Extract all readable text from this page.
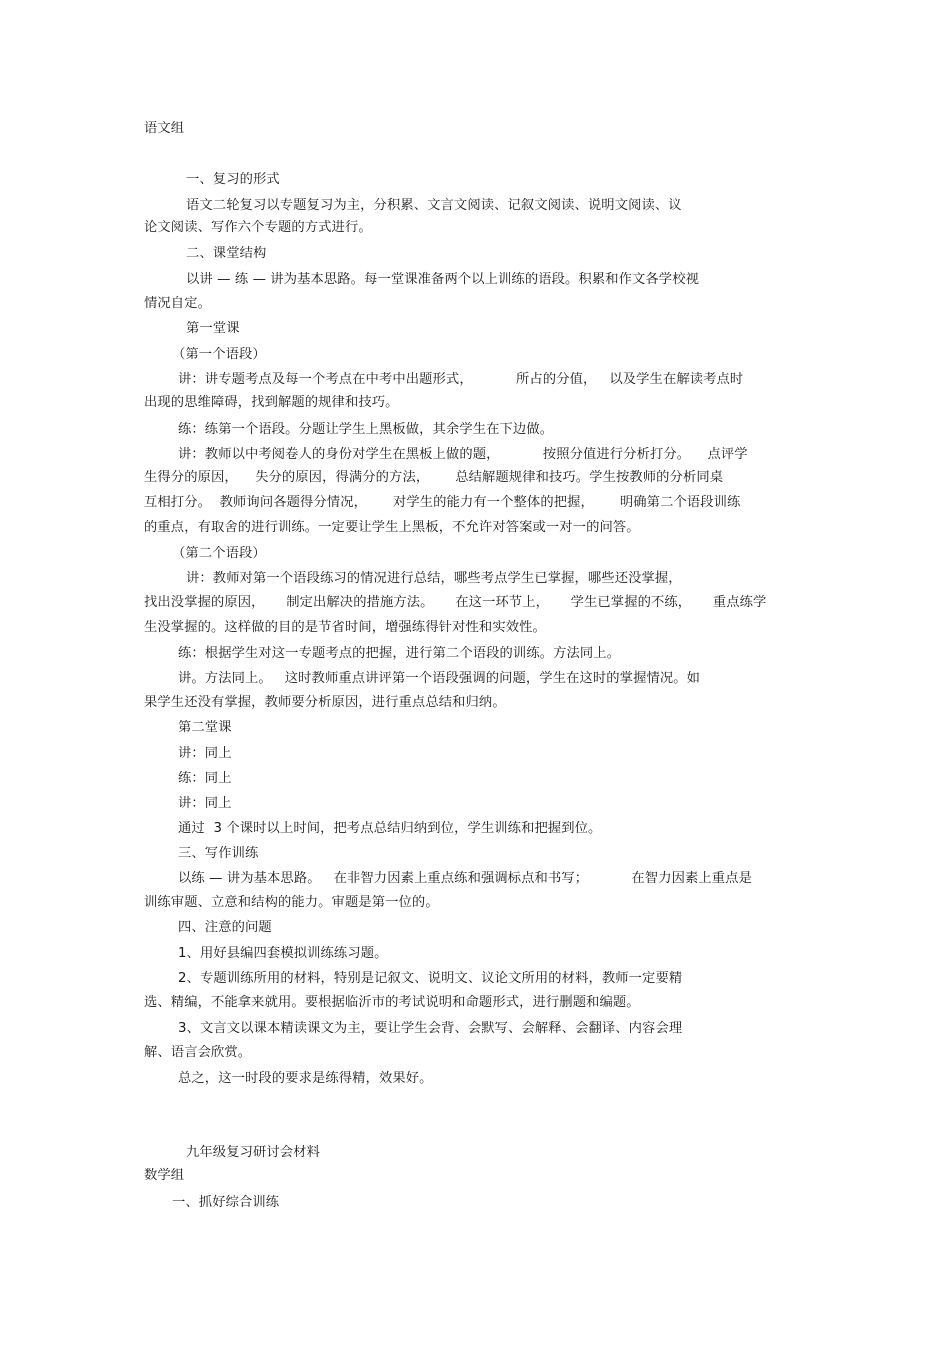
语文组
一、复习的形式
语文二轮复习以专题复习为主，分积累、文言文阅读、记叙文阅读、说明文阅读、议
论文阅读、写作六个专题的方式进行。
二、课堂结构
以讲 — 练 — 讲为基本思路。每一堂课准备两个以上训练的语段。积累和作文各学校视
情况自定。
第一堂课
（第一个语段）
讲：讲专题考点及每一个考点在中考中出题形式，          所占的分值，   以及学生在解读考点时
出现的思维障碍，找到解题的规律和技巧。
练：练第一个语段。分题让学生上黑板做，其余学生在下边做。
讲：教师以中考阅卷人的身份对学生在黑板上做的题，          按照分值进行分析打分。    点评学
生得分的原因，    失分的原因，得满分的方法，      总结解题规律和技巧。学生按教师的分析同桌
互相打分。  教师询问各题得分情况，      对学生的能力有一个整体的把握，      明确第二个语段训练
的重点，有取舍的进行训练。一定要让学生上黑板，不允许对答案或一对一的问答。
（第二个语段）
讲：教师对第一个语段练习的情况进行总结，哪些考点学生已掌握，哪些还没掌握，
找出没掌握的原因，     制定出解决的措施方法。     在这一环节上，     学生已掌握的不练，     重点练学
生没掌握的。这样做的目的是节省时间，增强练得针对性和实效性。
练：根据学生对这一专题考点的把握，进行第二个语段的训练。方法同上。
讲。方法同上。   这时教师重点讲评第一个语段强调的问题，学生在这时的掌握情况。如
果学生还没有掌握，教师要分析原因，进行重点总结和归纳。
第二堂课
讲：同上
练：同上
讲：同上
通过  3 个课时以上时间，把考点总结归纳到位，学生训练和把握到位。
三、写作训练
以练 — 讲为基本思路。   在非智力因素上重点练和强调标点和书写；          在智力因素上重点是
训练审题、立意和结构的能力。审题是第一位的。
四、注意的问题
1、用好县编四套模拟训练练习题。
2、专题训练所用的材料，特别是记叙文、说明文、议论文所用的材料，教师一定要精
选、精编，不能拿来就用。要根据临沂市的考试说明和命题形式，进行删题和编题。
3、文言文以课本精读课文为主，要让学生会背、会默写、会解释、会翻译、内容会理
解、语言会欣赏。
总之，这一时段的要求是练得精，效果好。
九年级复习研讨会材料
数学组
一、抓好综合训练
